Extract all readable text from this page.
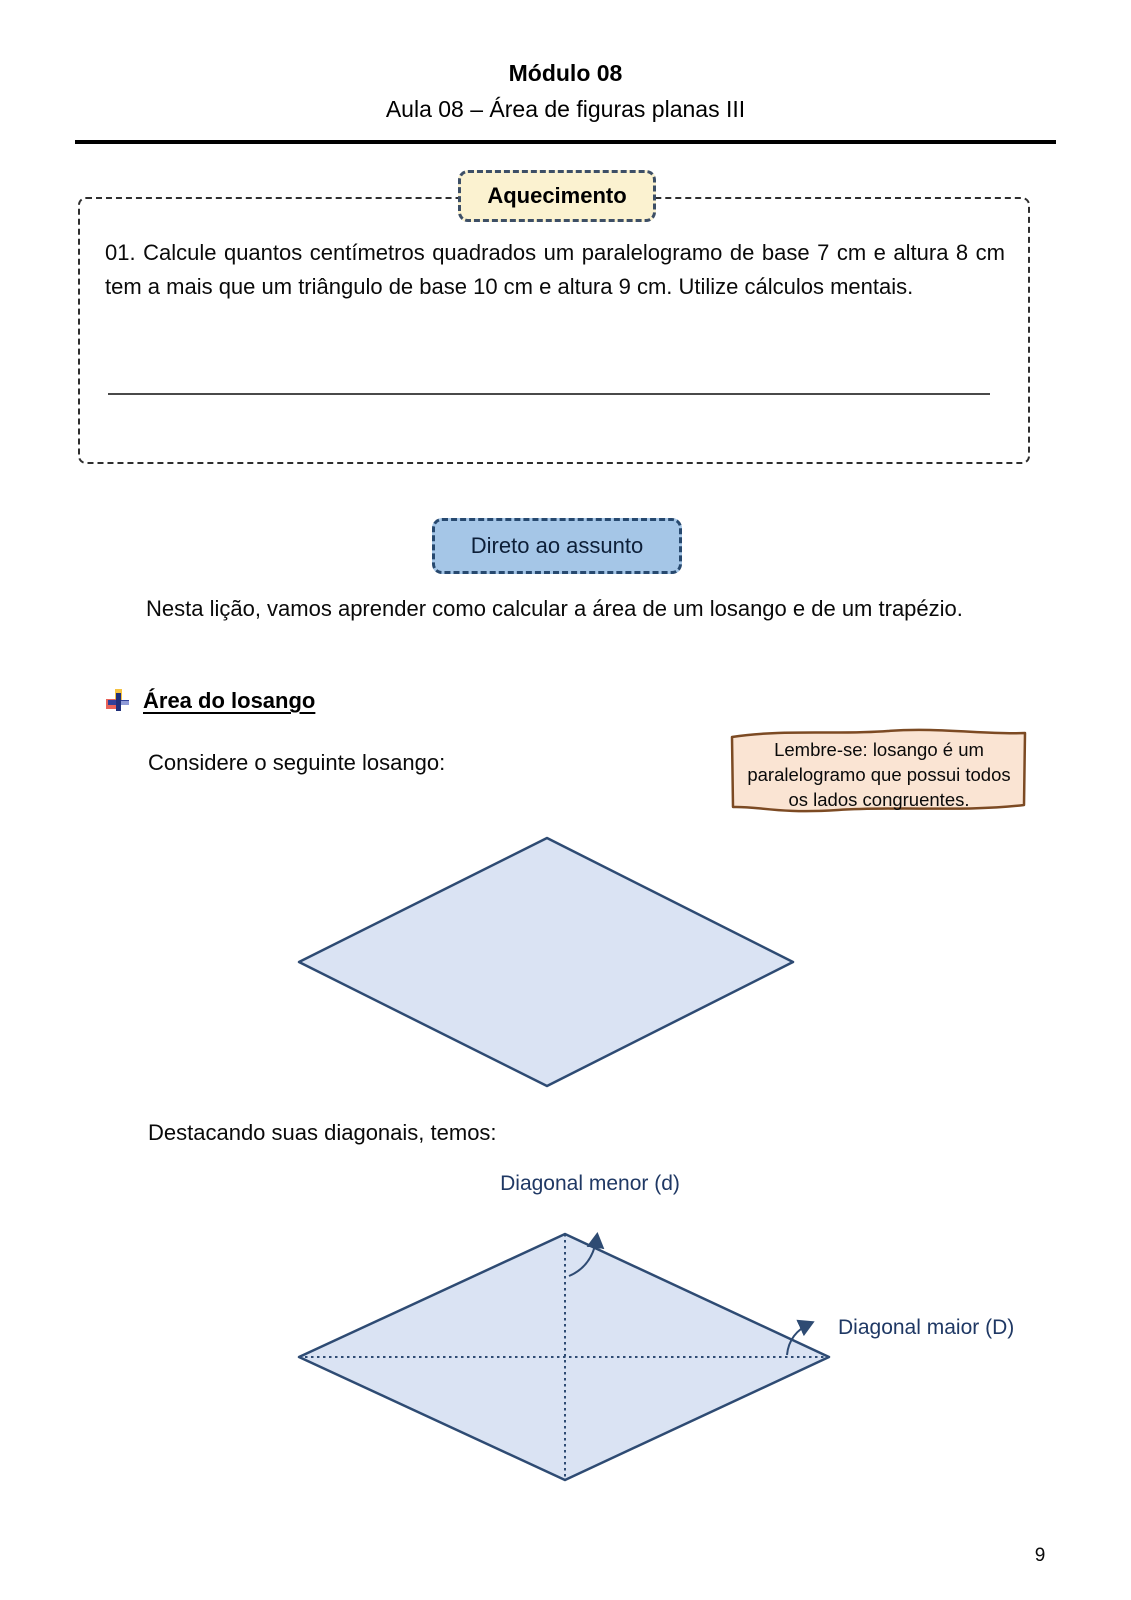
Módulo 08
Aula 08 – Área de figuras planas III
Aquecimento

01. Calcule quantos centímetros quadrados um paralelogramo de base 7 cm e altura 8 cm tem a mais que um triângulo de base 10 cm e altura 9 cm. Utilize cálculos mentais.

Direto ao assunto

Nesta lição, vamos aprender como calcular a área de um losango e de um trapézio.

Área do losango

Considere o seguinte losango:

Lembre-se: losango é um paralelogramo que possui todos os lados congruentes.

Destacando suas diagonais, temos:

Diagonal menor (d)
Diagonal maior (D)
9
